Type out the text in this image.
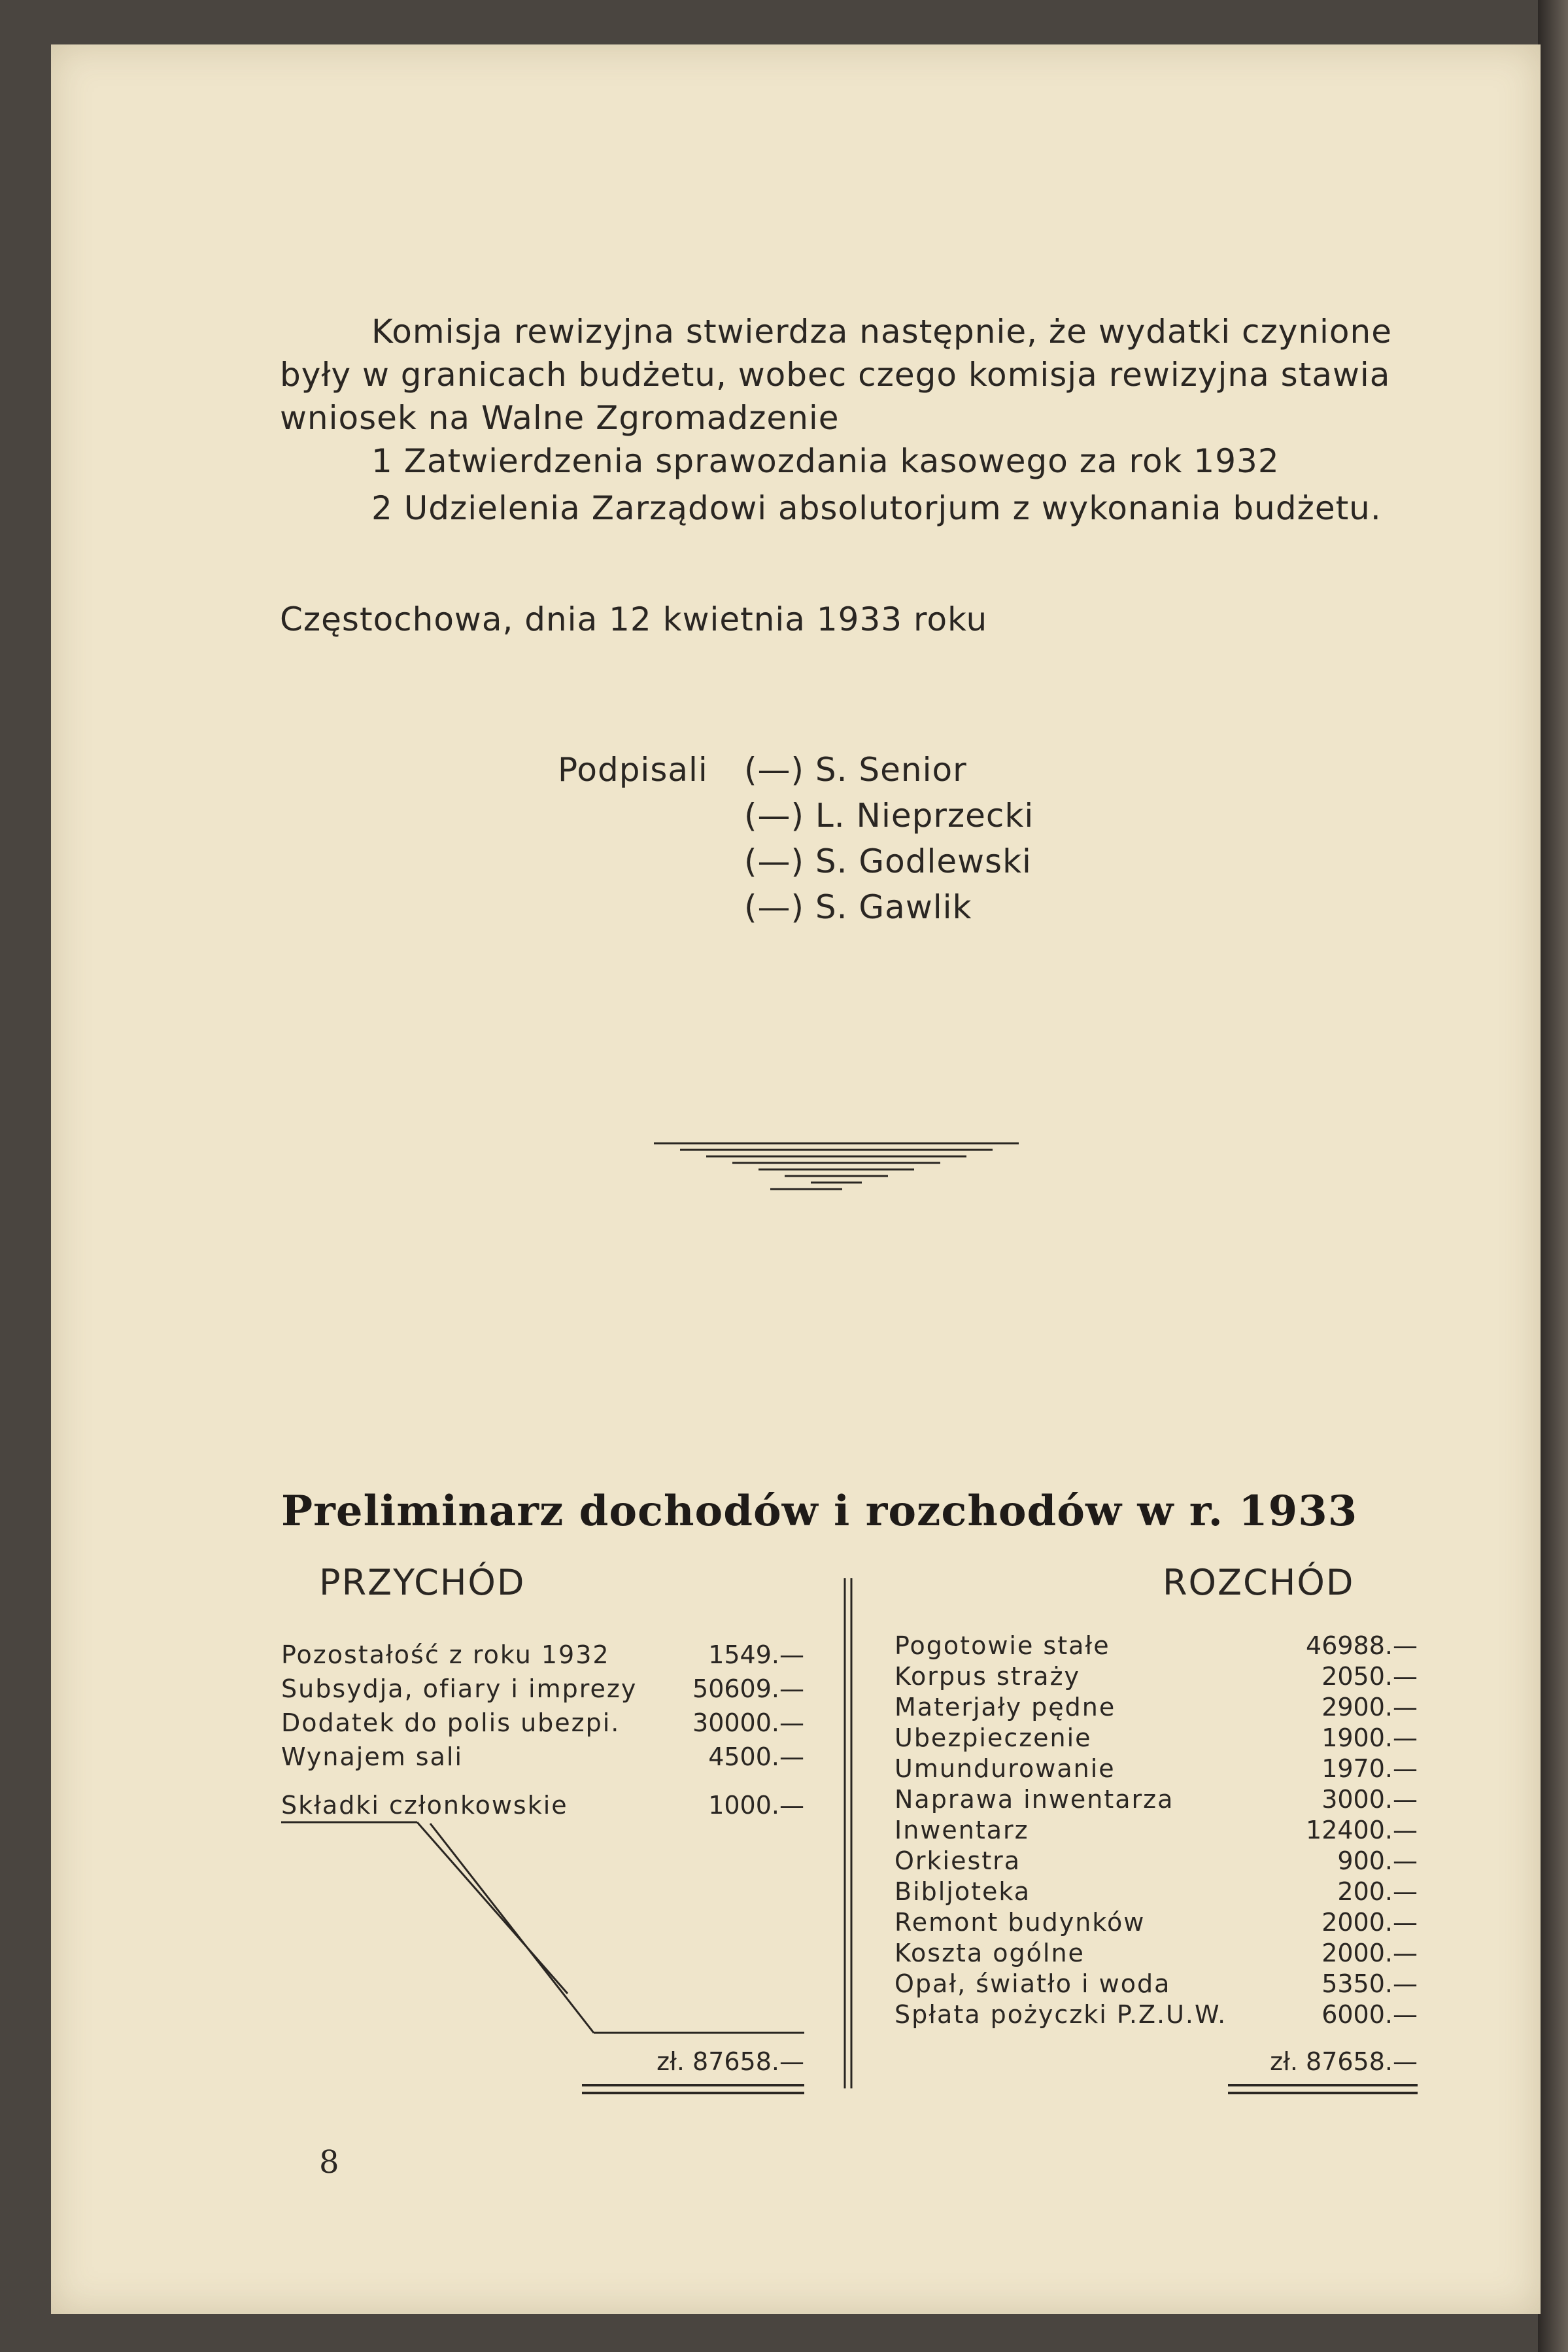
Komisja rewizyjna stwierdza następnie, że wydatki czynione
były w granicach budżetu, wobec czego komisja rewizyjna stawia
wniosek na Walne Zgromadzenie
1 Zatwierdzenia sprawozdania kasowego za rok 1932
2 Udzielenia Zarządowi absolutorjum z wykonania budżetu.
Częstochowa, dnia 12 kwietnia 1933 roku
Podpisali (—) S. Senior
(—) L. Nieprzecki
(—) S. Godlewski
(—) S. Gawlik
Preliminarz dochodów i rozchodów w r. 1933
PRZYCHÓD
Pozostałość z roku 1932	1549.—
Subsydja, ofiary i imprezy	50609.—
Dodatek do polis ubezpi.	30000.—
Wynajem sali	4500.—
Składki członkowskie	1000.—
zł. 87658.—
ROZCHÓD
Pogotowie stałe	46988.—
Korpus straży	2050.—
Materjały pędne	2900.—
Ubezpieczenie	1900.—
Umundurowanie	1970.—
Naprawa inwentarza	3000.—
Inwentarz	12400.—
Orkiestra	900.—
Bibljoteka	200.—
Remont budynków	2000.—
Koszta ogólne	2000.—
Opał, światło i woda	5350.—
Spłata pożyczki P.Z.U.W.	6000.—
zł. 87658.—
8
